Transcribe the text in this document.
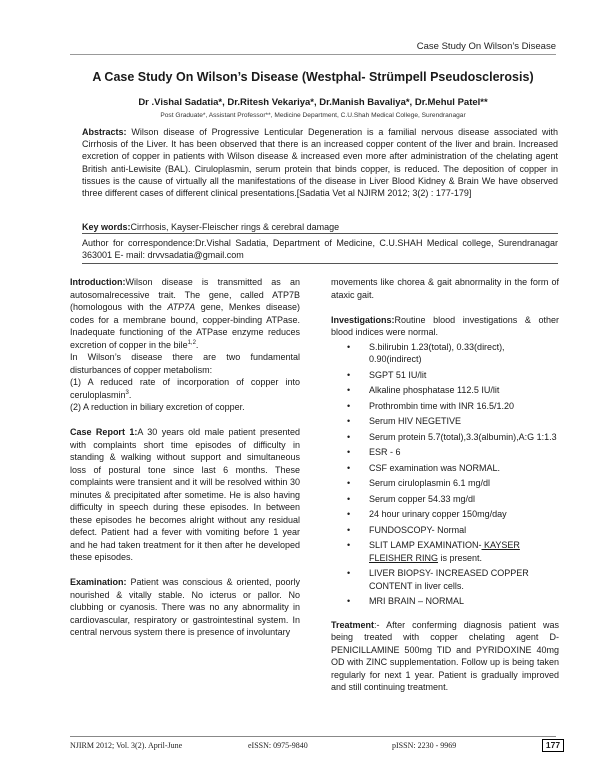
Case Study On Wilson’s Disease
A Case Study On Wilson’s Disease (Westphal- Strümpell Pseudosclerosis)
Dr .Vishal Sadatia*, Dr.Ritesh Vekariya*, Dr.Manish Bavaliya*, Dr.Mehul Patel**
Post Graduate*, Assistant Professor**, Medicine Department, C.U.Shah Medical College, Surendranagar
Abstracts: Wilson disease of Progressive Lenticular Degeneration is a familial nervous disease associated with Cirrhosis of the Liver. It has been observed that there is an increased copper content of the liver and brain. Increased excretion of copper in patients with Wilson disease & increased even more after administration of the chelating agent British anti-Lewisite (BAL). Ciruloplasmin, serum protein that binds copper, is reduced. The deposition of copper in tissues is the cause of virtually all the manifestations of the disease in Liver Blood Kidney & Brain We have observed three different cases of different clinical presentations.[Sadatia Vet al NJIRM 2012; 3(2) : 177-179]
Key words:Cirrhosis, Kayser-Fleischer rings & cerebral damage
Author for correspondence:Dr.Vishal Sadatia, Department of Medicine, C.U.SHAH Medical college, Surendranagar 363001 E- mail: drvvsadatia@gmail.com

Introduction:Wilson disease is transmitted as an autosomalrecessive trait. The gene, called ATP7B (homologous with the ATP7A gene, Menkes disease) codes for a membrane bound, copper-binding ATPase. Inadequate functioning of the ATPase enzyme reduces excretion of copper in the bile$^{1,2}$.

In Wilson’s disease there are two fundamental disturbances of copper metabolism:

(1) A reduced rate of incorporation of copper into ceruloplasmin$^3$.

(2) A reduction in biliary excretion of copper.

Case Report 1:A 30 years old male patient presented with complaints short time episodes of difficulty in standing & walking without support and simultaneous loss of postural tone since last 6 months. These complaints were transient and it will be resolved within 30 minutes & precipitated after sometime. He is also having difficulty in speech during these episodes. In between these episodes he becomes alright without any residual defect. Patient had a fever with vomiting before 1 year and he had taken treatment for it then after he developed these episodes.

Examination: Patient was conscious & oriented, poorly nourished & vitally stable. No icterus or pallor. No clubbing or cyanosis. There was no any abnormality in cardiovascular, respiratory or gastrointestinal system. In central nervous system there is presence of involuntary

movements like chorea & gait abnormality in the form of ataxic gait.

Investigations:Routine blood investigations & other blood indices were normal.

• S.bilirubin 1.23(total), 0.33(direct), 0.90(indirect)
• SGPT 51 IU/lit
• Alkaline phosphatase 112.5 IU/lit
• Prothrombin time with INR 16.5/1.20
• Serum HIV NEGETIVE
• Serum protein 5.7(total),3.3(albumin),A:G 1:1.3
• ESR - 6
• CSF examination was NORMAL.
• Serum ciruloplasmin 6.1 mg/dl
• Serum copper 54.33 mg/dl
• 24 hour urinary copper 150mg/day
• FUNDOSCOPY- Normal
• SLIT LAMP EXAMINATION- KAYSER FLEISHER RING is present.
• LIVER BIOPSY- INCREASED COPPER CONTENT in liver cells.
• MRI BRAIN – NORMAL

Treatment:- After conferming diagnosis patient was being treated with copper chelating agent D-PENICILLAMINE 500mg TID and PYRIDOXINE 40mg OD with ZINC supplementation. Follow up is being taken regularly for next 1 year. Patient is gradually improved and still continuing treatment.

NJIRM 2012; Vol. 3(2). April-June	eISSN: 0975-9840	pISSN: 2230 - 9969	177
